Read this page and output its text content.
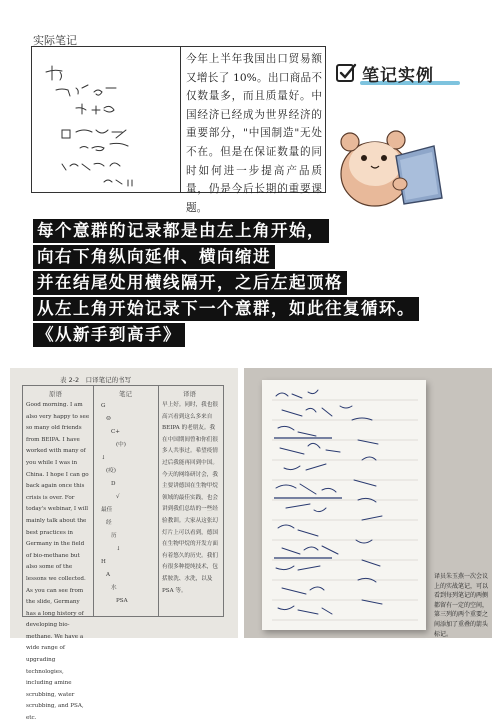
实际笔记
今年上半年我国出口贸易额又增长了 10%。出口商品不仅数量多，而且质量好。中国经济已经成为世界经济的重要部分，"中国制造"无处不在。但是在保证数量的同时如何进一步提高产品质量，仍是今后长期的重要课题。
笔记实例
每个意群的记录都是由左上角开始，
向右下角纵向延伸、横向缩进
并在结尾处用横线隔开，之后左起顶格
从左上角开始记录下一个意群，如此往复循环。
《从新手到高手》
表 2-2　口译笔记的书写
原语	笔记	译语
Good morning. I am also very happy to see so many old friends from BEIPA. I have worked with many of you while I was in China. I hope I can go back again once this crisis is over. For today's webinar, I will mainly talk about the best practices in Germany in the field of bio-methane but also some of the lessons we collected. As you can see from the slide, Germany has a long history of developing bio-methane. We have a wide range of upgrading technologies, including amine scrubbing, water scrubbing, and PSA, etc.
G
☺
C+
(中)
↓
(疫)
D
√
最佳
经
历
↓
H
A
水
PSA
早上好。同时，我也很高兴看到这么多来自 BEIPA 的老朋友。我在中国期间曾和你们很多人共事过。希望疫情过后我能再回到中国。今天的网络研讨会，我主要讲德国在生物甲烷领域的最佳实践，也会讲到我们总结的一些经验教训。大家从这张幻灯片上可以看到，德国在生物甲烷的开发方面有着悠久的历史。我们有很多种提纯技术，包括胺洗、水洗，以及 PSA 等。
译员朱玉燕一次会议上的实战笔记，可以看到每列笔记的两侧都留有一定的空间，第三列的两个重要之间添加了重叠的箭头标记。
